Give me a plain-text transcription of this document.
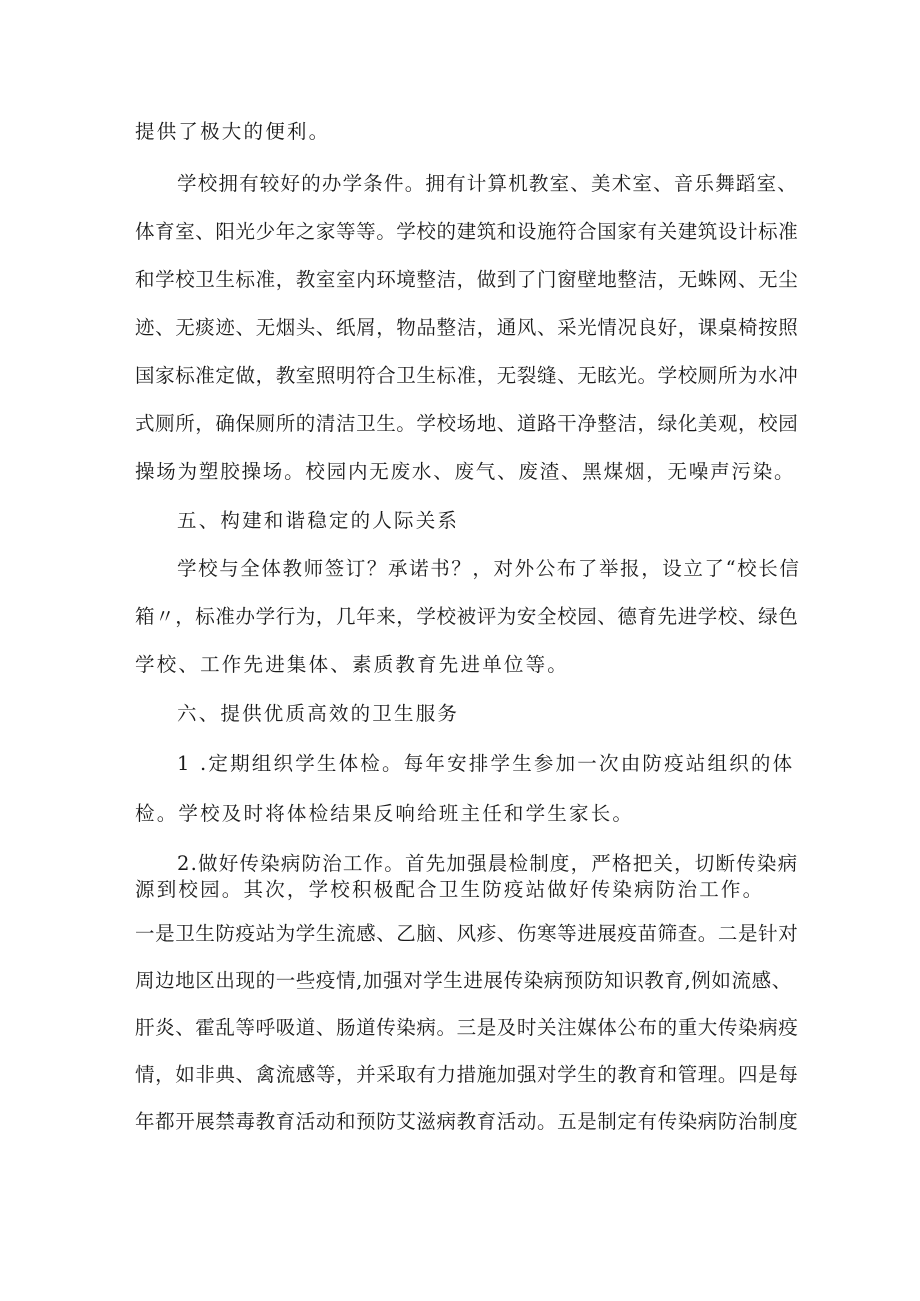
提供了极大的便利。
学校拥有较好的办学条件。拥有计算机教室、美术室、音乐舞蹈室、
体育室、阳光少年之家等等。学校的建筑和设施符合国家有关建筑设计标准
和学校卫生标准，教室室内环境整洁，做到了门窗壁地整洁，无蛛网、无尘
迹、无痰迹、无烟头、纸屑，物品整洁，通风、采光情况良好，课桌椅按照
国家标准定做，教室照明符合卫生标准，无裂缝、无眩光。学校厕所为水冲
式厕所，确保厕所的清洁卫生。学校场地、道路干净整洁，绿化美观，校园
操场为塑胶操场。校园内无废水、废气、废渣、黑煤烟，无噪声污染。
五、构建和谐稳定的人际关系
学校与全体教师签订？承诺书？，对外公布了举报，设立了“校长信
箱〃，标准办学行为，几年来，学校被评为安全校园、德育先进学校、绿色
学校、工作先进集体、素质教育先进单位等。
六、提供优质高效的卫生服务
1 .定期组织学生体检。每年安排学生参加一次由防疫站组织的体
检。学校及时将体检结果反响给班主任和学生家长。
2.做好传染病防治工作。首先加强晨检制度，严格把关，切断传染病
源到校园。其次，学校积极配合卫生防疫站做好传染病防治工作。
一是卫生防疫站为学生流感、乙脑、风疹、伤寒等进展疫苗筛查。二是针对
周边地区出现的一些疫情,加强对学生进展传染病预防知识教育,例如流感、
肝炎、霍乱等呼吸道、肠道传染病。三是及时关注媒体公布的重大传染病疫
情，如非典、禽流感等，并采取有力措施加强对学生的教育和管理。四是每
年都开展禁毒教育活动和预防艾滋病教育活动。五是制定有传染病防治制度
